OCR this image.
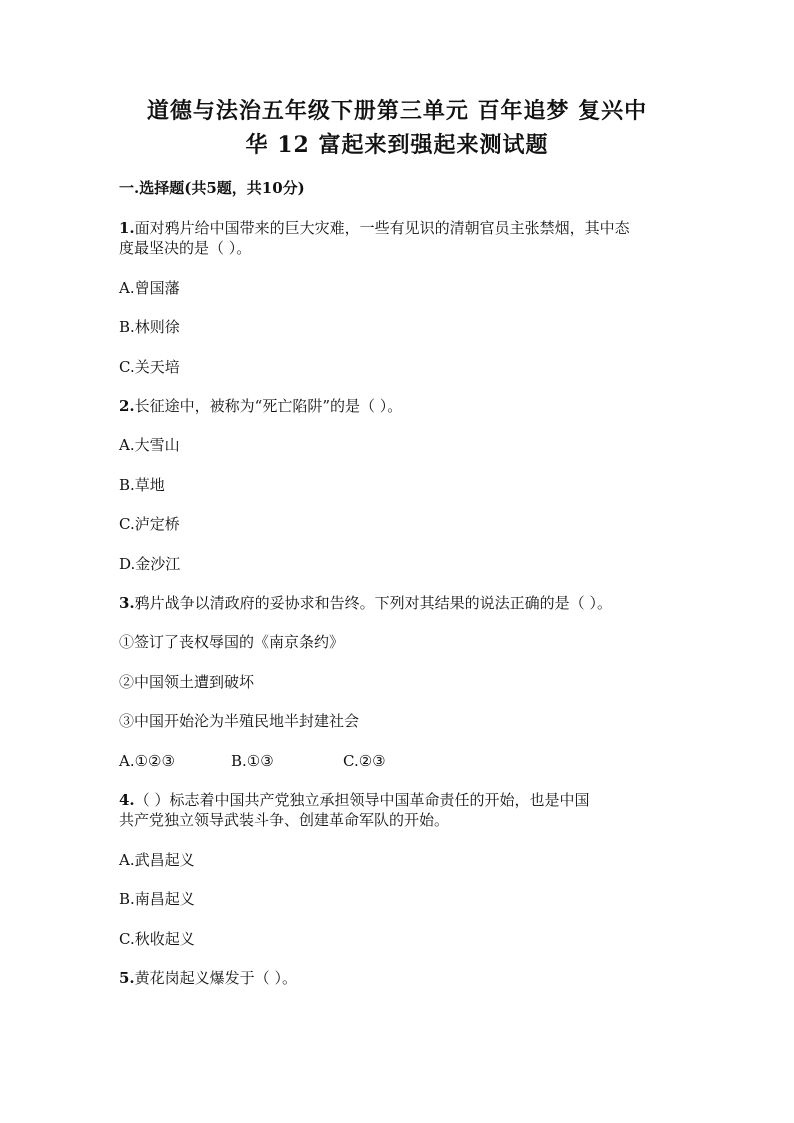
道德与法治五年级下册第三单元 百年追梦 复兴中
华 12 富起来到强起来测试题

一.选择题(共5题，共10分)

1.面对鸦片给中国带来的巨大灾难，一些有见识的清朝官员主张禁烟，其中态

度最坚决的是（ ）。

A.曾国藩

B.林则徐

C.关天培

2.长征途中，被称为“死亡陷阱”的是（ ）。

A.大雪山

B.草地

C.泸定桥

D.金沙江

3.鸦片战争以清政府的妥协求和告终。下列对其结果的说法正确的是（ ）。

①签订了丧权辱国的《南京条约》

②中国领土遭到破坏

③中国开始沦为半殖民地半封建社会

A.①②③	B.①③	C.②③

4.（ ）标志着中国共产党独立承担领导中国革命责任的开始，也是中国

共产党独立领导武装斗争、创建革命军队的开始。

A.武昌起义

B.南昌起义

C.秋收起义

5.黄花岗起义爆发于（ ）。
